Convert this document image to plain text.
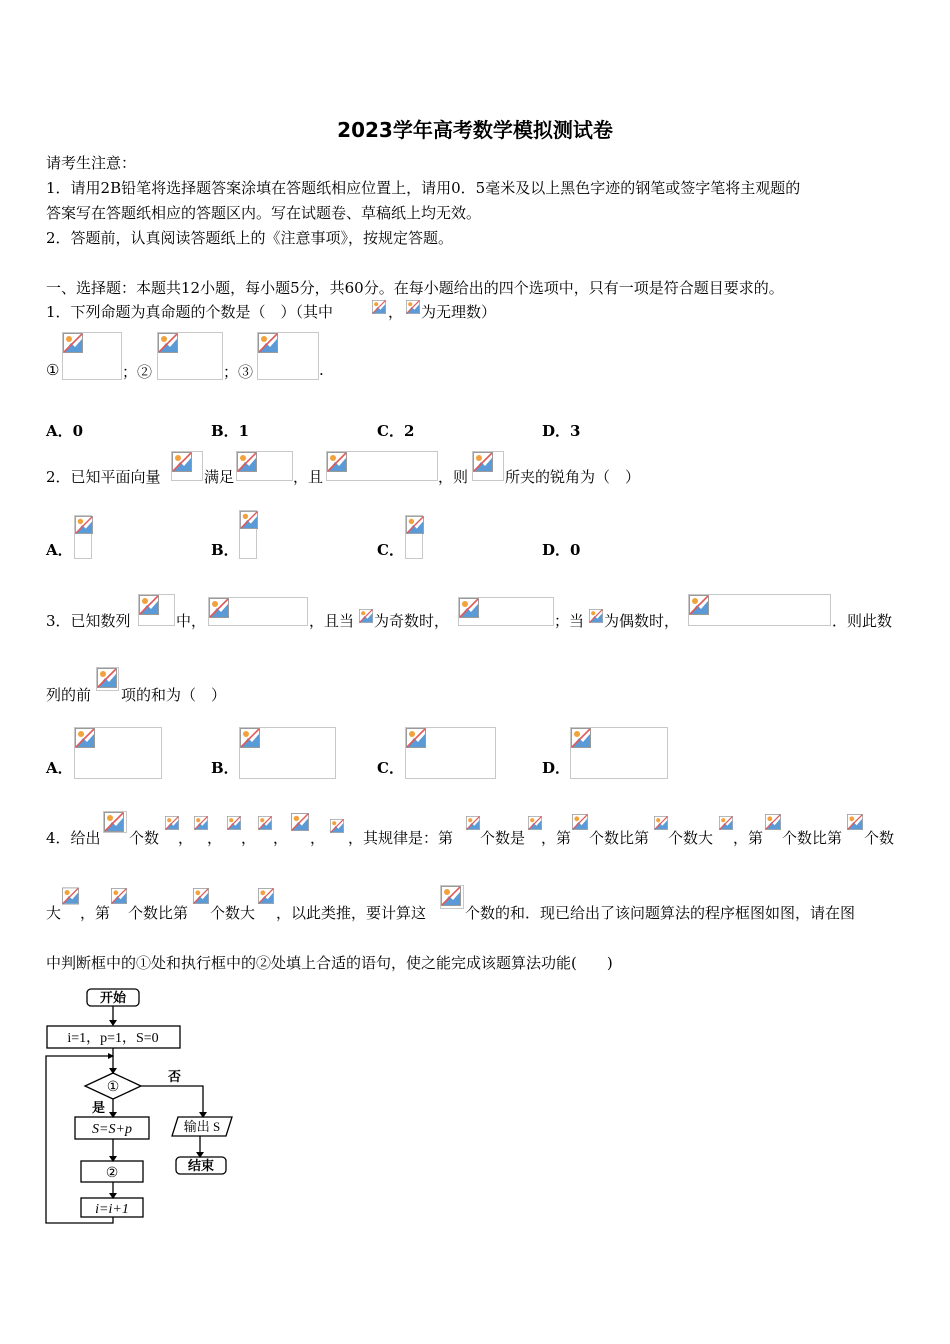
2023学年高考数学模拟测试卷
请考生注意：
1．请用2B铅笔将选择题答案涂填在答题纸相应位置上，请用0．5毫米及以上黑色字迹的钢笔或签字笔将主观题的
答案写在答题纸相应的答题区内。写在试题卷、草稿纸上均无效。
2．答题前，认真阅读答题纸上的《注意事项》，按规定答题。
一、选择题：本题共12小题，每小题5分，共60分。在每小题给出的四个选项中，只有一项是符合题目要求的。
1．下列命题为真命题的个数是（　）（其中	， 为无理数）
①	；②	；③	.
A．0	B．1	C．2	D．3
2．已知平面向量	满足	，且	，则 所夹的锐角为（　）
A．	B．	C．	D．0
3．已知数列	中，	，且当 为奇数时，	；当 为偶数时，	．则此数
列的前 项的和为（　）
A．	B．	C．	D．
4．给出 个数 ， ， ， ， ， ，其规律是：第 个数是 ，第 个数比第 个数大 ，第 个数比第 个数
大 ，第 个数比第 个数大 ，以此类推，要计算这	个数的和．现已给出了该问题算法的程序框图如图，请在图
中判断框中的①处和执行框中的②处填上合适的语句，使之能完成该题算法功能(　　)
开始
i=1，p=1，S=0
①
否
是
S=S+p
②
i=i+1
输出 S
结束
